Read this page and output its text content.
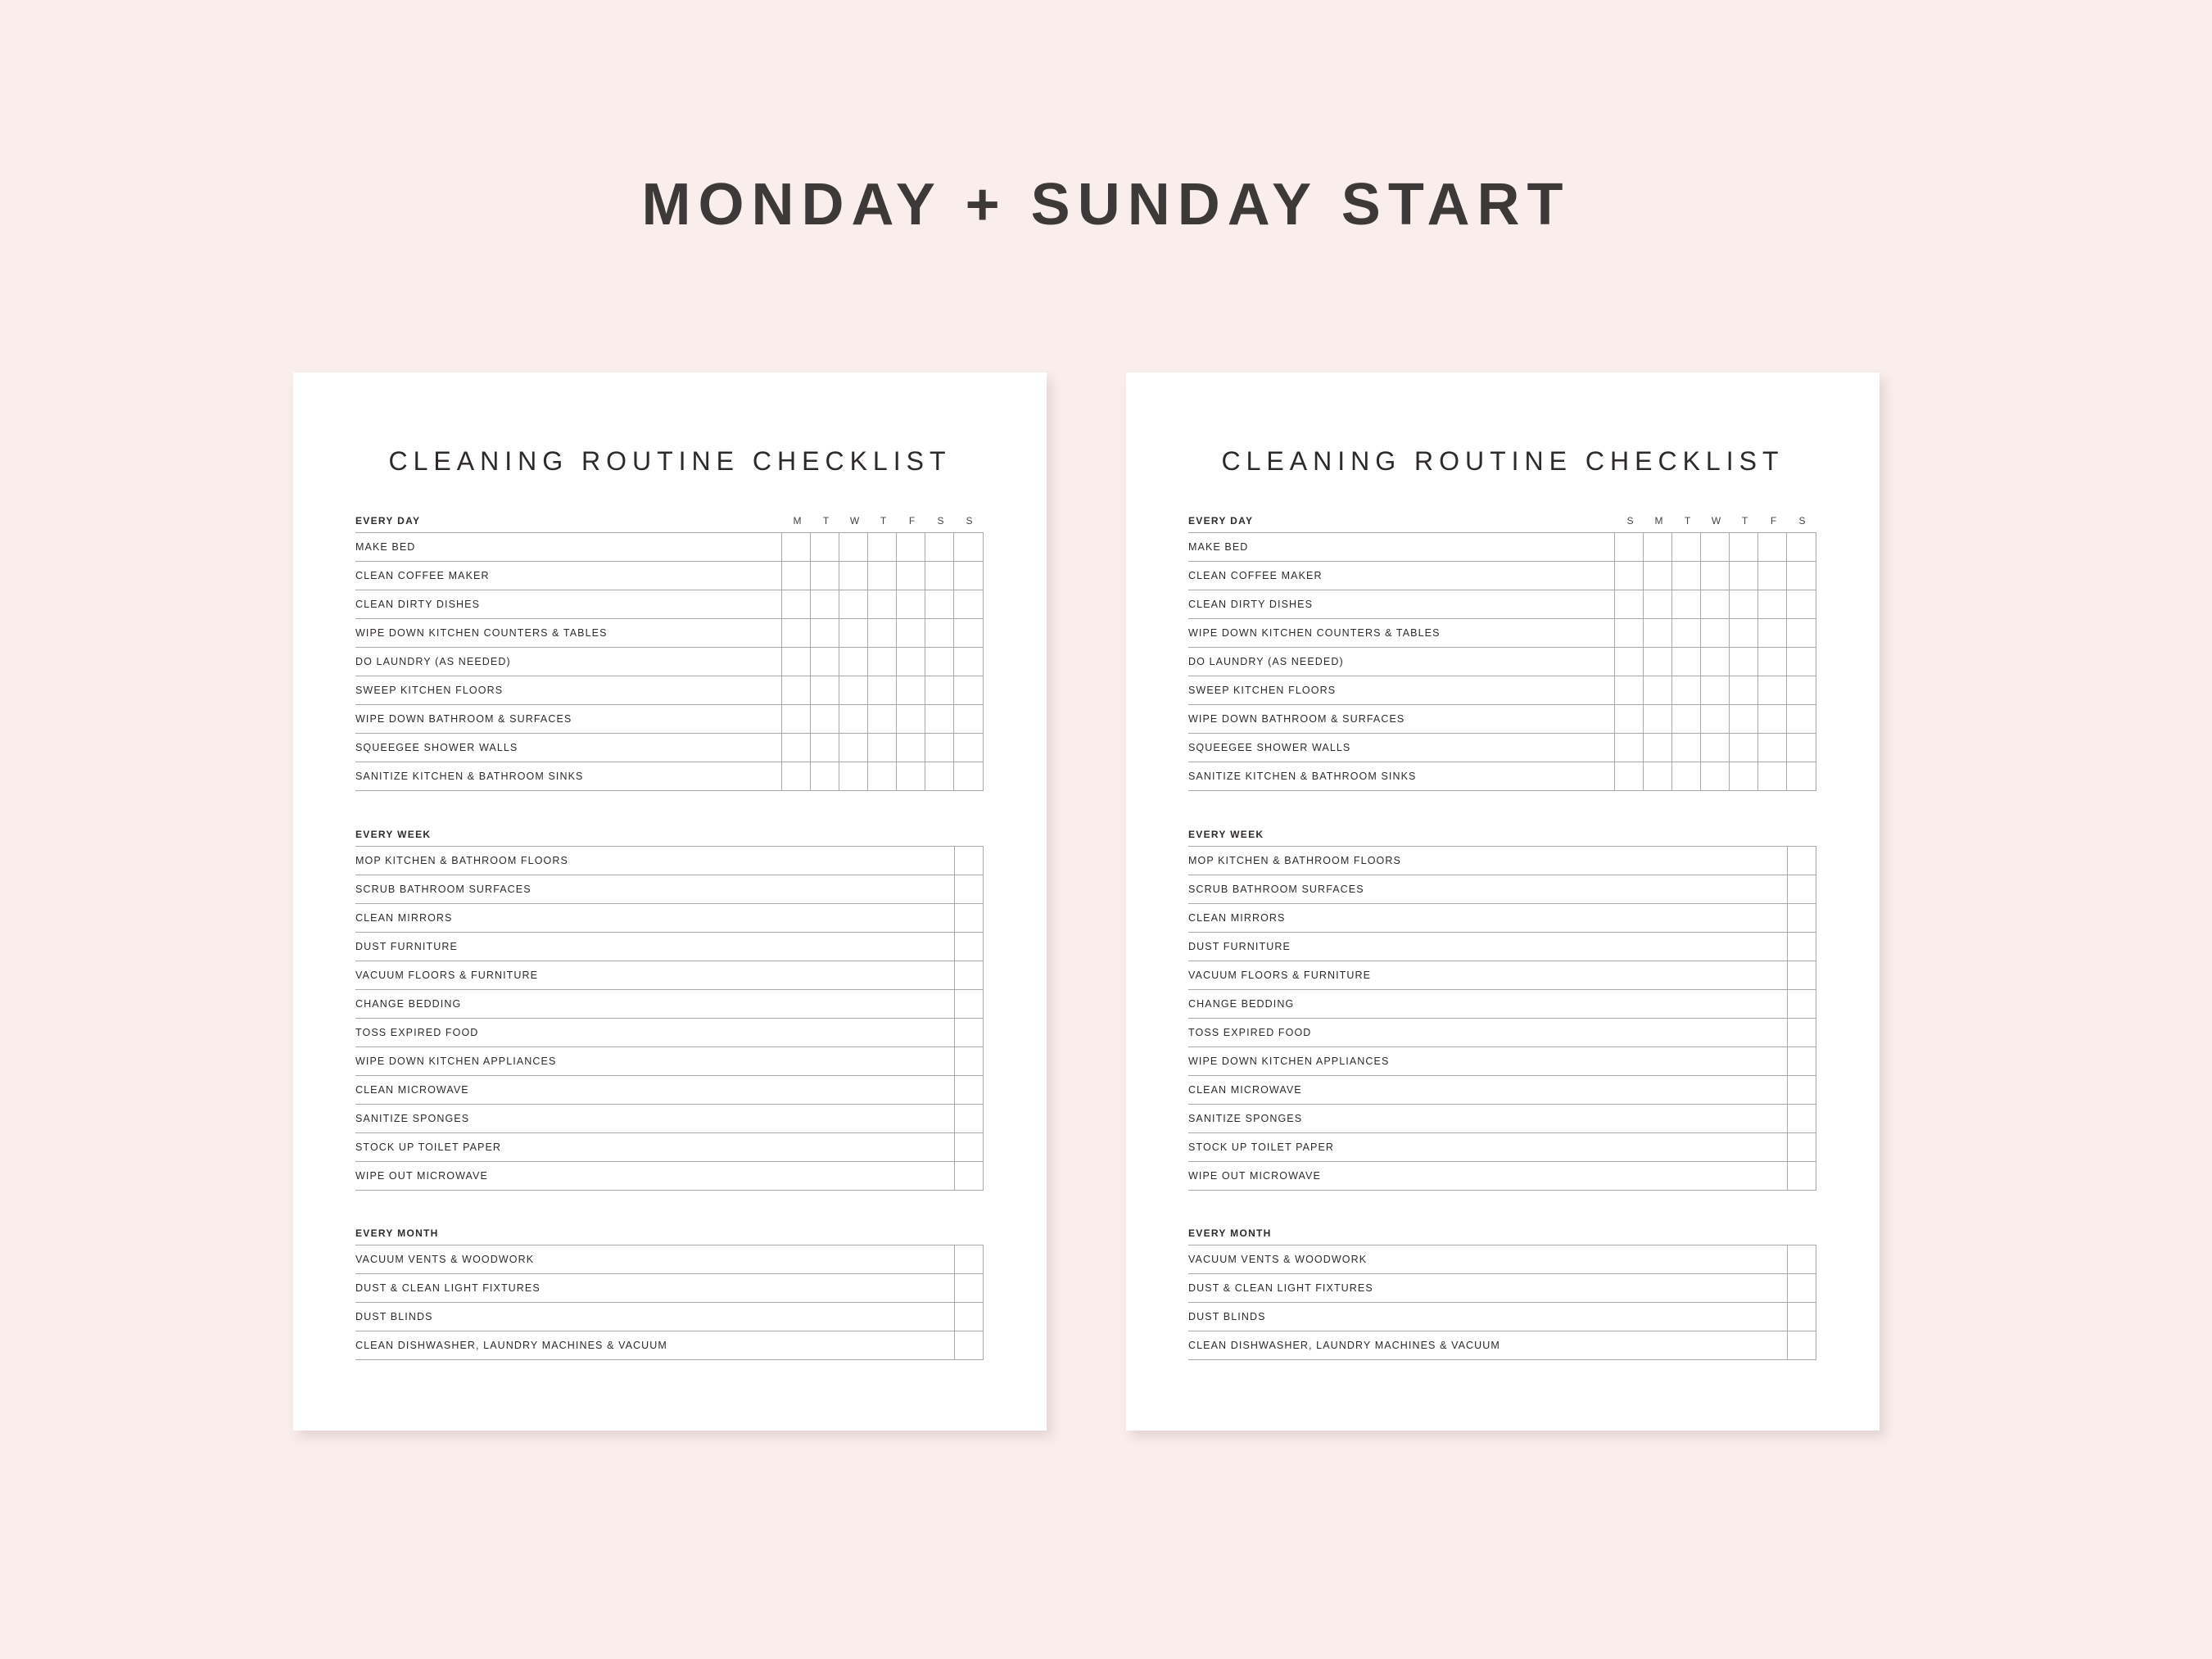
MONDAY + SUNDAY START
CLEANING ROUTINE CHECKLIST
EVERY DAY	M	T	W	T	F	S	S
MAKE BED
CLEAN COFFEE MAKER
CLEAN DIRTY DISHES
WIPE DOWN KITCHEN COUNTERS & TABLES
DO LAUNDRY (AS NEEDED)
SWEEP KITCHEN FLOORS
WIPE DOWN BATHROOM & SURFACES
SQUEEGEE SHOWER WALLS
SANITIZE KITCHEN & BATHROOM SINKS
EVERY WEEK
MOP KITCHEN & BATHROOM FLOORS
SCRUB BATHROOM SURFACES
CLEAN MIRRORS
DUST FURNITURE
VACUUM FLOORS & FURNITURE
CHANGE BEDDING
TOSS EXPIRED FOOD
WIPE DOWN KITCHEN APPLIANCES
CLEAN MICROWAVE
SANITIZE SPONGES
STOCK UP TOILET PAPER
WIPE OUT MICROWAVE
EVERY MONTH
VACUUM VENTS & WOODWORK
DUST & CLEAN LIGHT FIXTURES
DUST BLINDS
CLEAN DISHWASHER, LAUNDRY MACHINES & VACUUM
CLEANING ROUTINE CHECKLIST
EVERY DAY	S	M	T	W	T	F	S
MAKE BED
CLEAN COFFEE MAKER
CLEAN DIRTY DISHES
WIPE DOWN KITCHEN COUNTERS & TABLES
DO LAUNDRY (AS NEEDED)
SWEEP KITCHEN FLOORS
WIPE DOWN BATHROOM & SURFACES
SQUEEGEE SHOWER WALLS
SANITIZE KITCHEN & BATHROOM SINKS
EVERY WEEK
MOP KITCHEN & BATHROOM FLOORS
SCRUB BATHROOM SURFACES
CLEAN MIRRORS
DUST FURNITURE
VACUUM FLOORS & FURNITURE
CHANGE BEDDING
TOSS EXPIRED FOOD
WIPE DOWN KITCHEN APPLIANCES
CLEAN MICROWAVE
SANITIZE SPONGES
STOCK UP TOILET PAPER
WIPE OUT MICROWAVE
EVERY MONTH
VACUUM VENTS & WOODWORK
DUST & CLEAN LIGHT FIXTURES
DUST BLINDS
CLEAN DISHWASHER, LAUNDRY MACHINES & VACUUM
